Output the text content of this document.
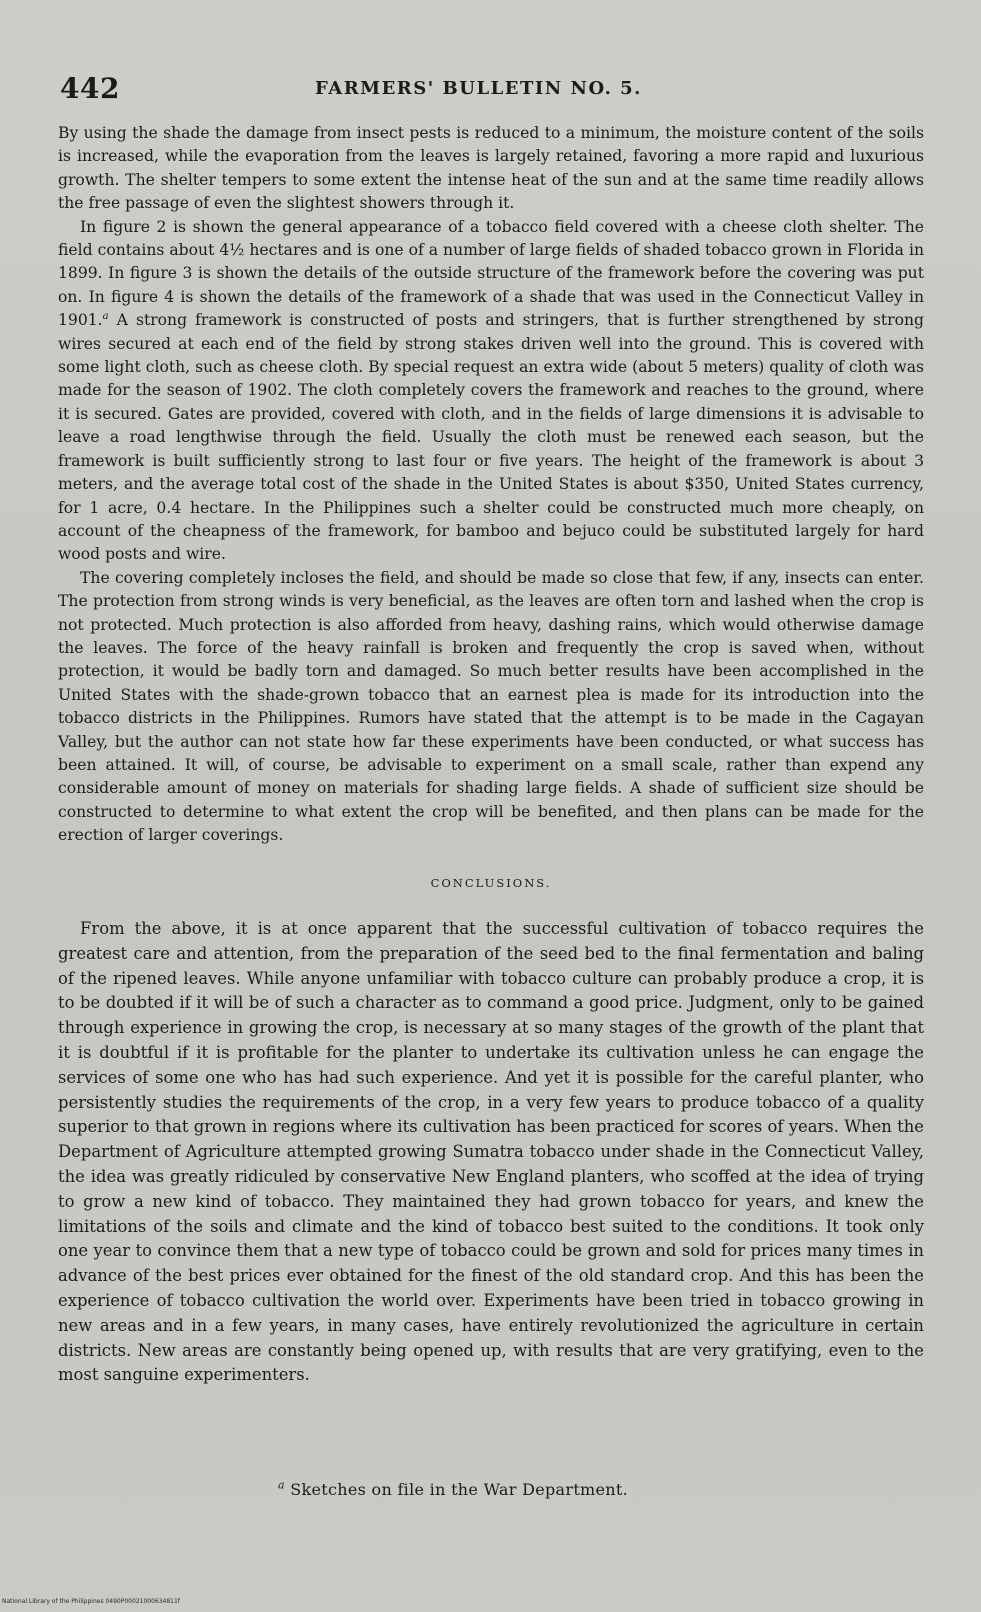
442	FARMERS' BULLETIN NO. 5.

By using the shade the damage from insect pests is reduced to a minimum, the moisture content of the soils is increased, while the evaporation from the leaves is largely retained, favoring a more rapid and luxurious growth. The shelter tempers to some extent the intense heat of the sun and at the same time readily allows the free passage of even the slightest showers through it.

In figure 2 is shown the general appearance of a tobacco field covered with a cheese cloth shelter. The field contains about 4½ hectares and is one of a number of large fields of shaded tobacco grown in Florida in 1899. In figure 3 is shown the details of the outside structure of the framework before the covering was put on. In figure 4 is shown the details of the framework of a shade that was used in the Connecticut Valley in 1901.$^a$ A strong framework is constructed of posts and stringers, that is further strengthened by strong wires secured at each end of the field by strong stakes driven well into the ground. This is covered with some light cloth, such as cheese cloth. By special request an extra wide (about 5 meters) quality of cloth was made for the season of 1902. The cloth completely covers the framework and reaches to the ground, where it is secured. Gates are provided, covered with cloth, and in the fields of large dimensions it is advisable to leave a road lengthwise through the field. Usually the cloth must be renewed each season, but the framework is built sufficiently strong to last four or five years. The height of the framework is about 3 meters, and the average total cost of the shade in the United States is about $350, United States currency, for 1 acre, 0.4 hectare. In the Philippines such a shelter could be constructed much more cheaply, on account of the cheapness of the framework, for bamboo and bejuco could be substituted largely for hard wood posts and wire.

The covering completely incloses the field, and should be made so close that few, if any, insects can enter. The protection from strong winds is very beneficial, as the leaves are often torn and lashed when the crop is not protected. Much protection is also afforded from heavy, dashing rains, which would otherwise damage the leaves. The force of the heavy rainfall is broken and frequently the crop is saved when, without protection, it would be badly torn and damaged. So much better results have been accomplished in the United States with the shade-grown tobacco that an earnest plea is made for its introduction into the tobacco districts in the Philippines. Rumors have stated that the attempt is to be made in the Cagayan Valley, but the author can not state how far these experiments have been conducted, or what success has been attained. It will, of course, be advisable to experiment on a small scale, rather than expend any considerable amount of money on materials for shading large fields. A shade of sufficient size should be constructed to determine to what extent the crop will be benefited, and then plans can be made for the erection of larger coverings.

CONCLUSIONS.

From the above, it is at once apparent that the successful cultivation of tobacco requires the greatest care and attention, from the preparation of the seed bed to the final fermentation and baling of the ripened leaves. While anyone unfamiliar with tobacco culture can probably produce a crop, it is to be doubted if it will be of such a character as to command a good price. Judgment, only to be gained through experience in growing the crop, is necessary at so many stages of the growth of the plant that it is doubtful if it is profitable for the planter to undertake its cultivation unless he can engage the services of some one who has had such experience. And yet it is possible for the careful planter, who persistently studies the requirements of the crop, in a very few years to produce tobacco of a quality superior to that grown in regions where its cultivation has been practiced for scores of years. When the Department of Agriculture attempted growing Sumatra tobacco under shade in the Connecticut Valley, the idea was greatly ridiculed by conservative New England planters, who scoffed at the idea of trying to grow a new kind of tobacco. They maintained they had grown tobacco for years, and knew the limitations of the soils and climate and the kind of tobacco best suited to the conditions. It took only one year to convince them that a new type of tobacco could be grown and sold for prices many times in advance of the best prices ever obtained for the finest of the old standard crop. And this has been the experience of tobacco cultivation the world over. Experiments have been tried in tobacco growing in new areas and in a few years, in many cases, have entirely revolutionized the agriculture in certain districts. New areas are constantly being opened up, with results that are very gratifying, even to the most sanguine experimenters.

$^a$ Sketches on file in the War Department.
National Library of the Philippines 0490P00021000634811f
